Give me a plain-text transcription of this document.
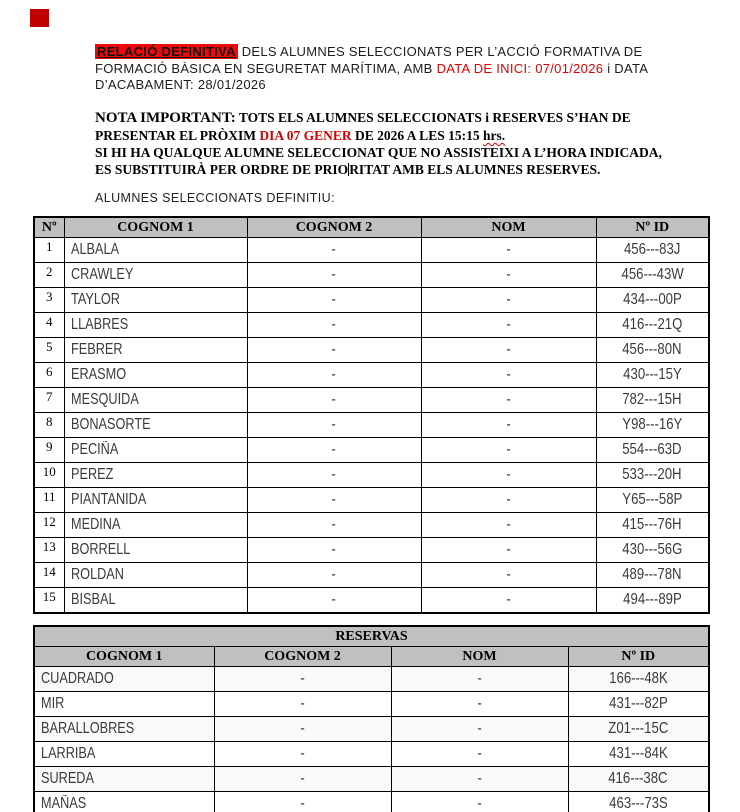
RELACIÓ DEFINITIVA DELS ALUMNES SELECCIONATS PER L’ACCIÓ FORMATIVA DE
FORMACIÓ BÀSICA EN SEGURETAT MARÍTIMA, AMB DATA DE INICI: 07/01/2026 i DATA
D’ACABAMENT: 28/01/2026
NOTA IMPORTANT: TOTS ELS ALUMNES SELECCIONATS i RESERVES S’HAN DE
PRESENTAR EL PRÒXIM DIA 07 GENER DE 2026 A LES 15:15 hrs.
SI HI HA QUALQUE ALUMNE SELECCIONAT QUE NO ASSISTEIXI A L’HORA INDICADA,
ES SUBSTITUIRÀ PER ORDRE DE PRIORITAT AMB ELS ALUMNES RESERVES.
ALUMNES SELECCIONATS DEFINITIU:
Nº	COGNOM 1	COGNOM 2	NOM	Nº ID
1	ALBALA	-	-	456---83J
2	CRAWLEY	-	-	456---43W
3	TAYLOR	-	-	434---00P
4	LLABRES	-	-	416---21Q
5	FEBRER	-	-	456---80N
6	ERASMO	-	-	430---15Y
7	MESQUIDA	-	-	782---15H
8	BONASORTE	-	-	Y98---16Y
9	PECIÑA	-	-	554---63D
10	PEREZ	-	-	533---20H
11	PIANTANIDA	-	-	Y65---58P
12	MEDINA	-	-	415---76H
13	BORRELL	-	-	430---56G
14	ROLDAN	-	-	489---78N
15	BISBAL	-	-	494---89P
RESERVAS			
COGNOM 1	COGNOM 2	NOM	Nº ID
CUADRADO	-	-	166---48K
MIR	-	-	431---82P
BARALLOBRES	-	-	Z01---15C
LARRIBA	-	-	431---84K
SUREDA	-	-	416---38C
MAÑAS	-	-	463---73S
